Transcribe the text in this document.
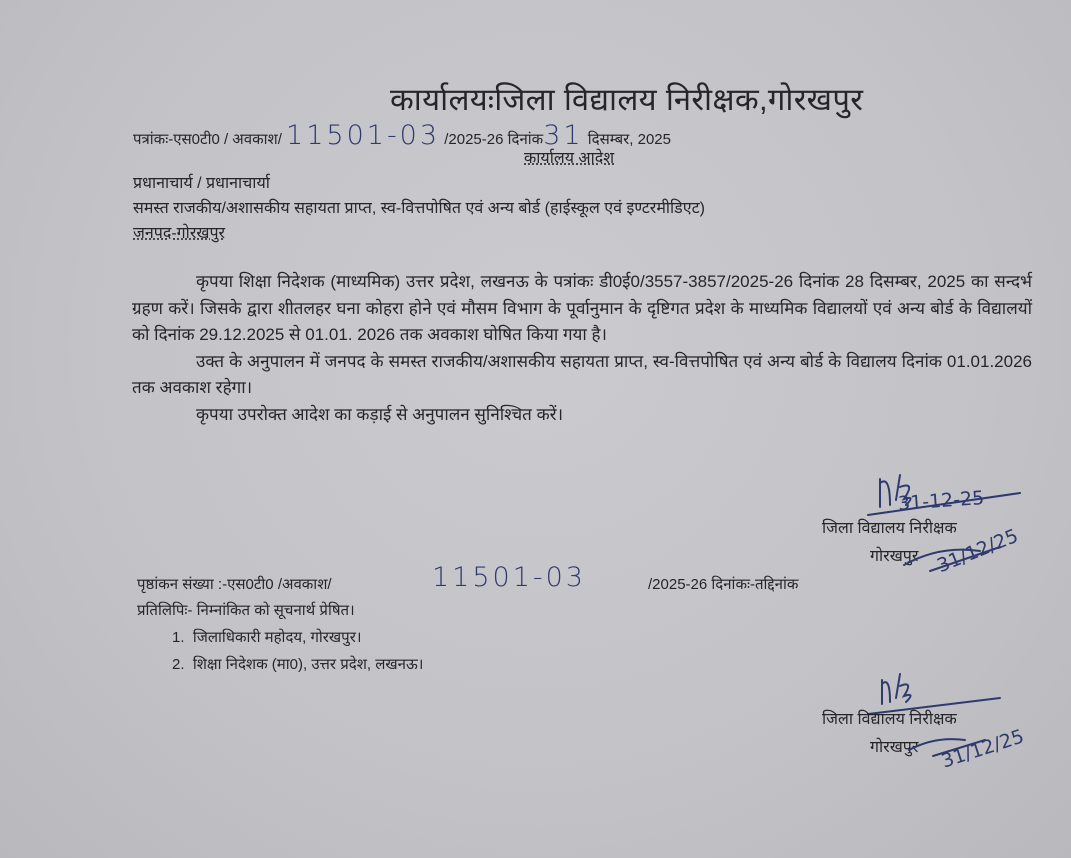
कार्यालयःजिला विद्यालय निरीक्षक,गोरखपुर
पत्रांकः-एस0टी0 / अवकाश/ 11501-03 /2025-26 दिनांक31 दिसम्बर, 2025
कार्यालय आदेश
प्रधानाचार्य / प्रधानाचार्या
समस्त राजकीय/अशासकीय सहायता प्राप्त, स्व-वित्तपोषित एवं अन्य बोर्ड (हाईस्कूल एवं इण्टरमीडिएट)
जनपद-गोरखपुर

कृपया शिक्षा निदेशक (माध्यमिक) उत्तर प्रदेश, लखनऊ के पत्रांकः डी0ई0/3557-3857/2025-26 दिनांक 28 दिसम्बर, 2025 का सन्दर्भ ग्रहण करें। जिसके द्वारा शीतलहर घना कोहरा होने एवं मौसम विभाग के पूर्वानुमान के दृष्टिगत प्रदेश के माध्यमिक विद्यालयों एवं अन्य बोर्ड के विद्यालयों को दिनांक 29.12.2025 से 01.01. 2026 तक अवकाश घोषित किया गया है।

उक्त के अनुपालन में जनपद के समस्त राजकीय/अशासकीय सहायता प्राप्त, स्व-वित्तपोषित एवं अन्य बोर्ड के विद्यालय दिनांक 01.01.2026 तक अवकाश रहेगा।

कृपया उपरोक्त आदेश का कड़ाई से अनुपालन सुनिश्चित करें।

31-12-25
जिला विद्यालय निरीक्षक
गोरखपुर 31/12/25
पृष्ठांकन संख्या :-एस0टी0 /अवकाश/	11501-03	/2025-26 दिनांकः-तद्दिनांक
प्रतिलिपिः- निम्नांकित को सूचनार्थ प्रेषित।
1.  जिलाधिकारी महोदय, गोरखपुर।
2.  शिक्षा निदेशक (मा0), उत्तर प्रदेश, लखनऊ।
जिला विद्यालय निरीक्षक
गोरखपुर 31/12/25
